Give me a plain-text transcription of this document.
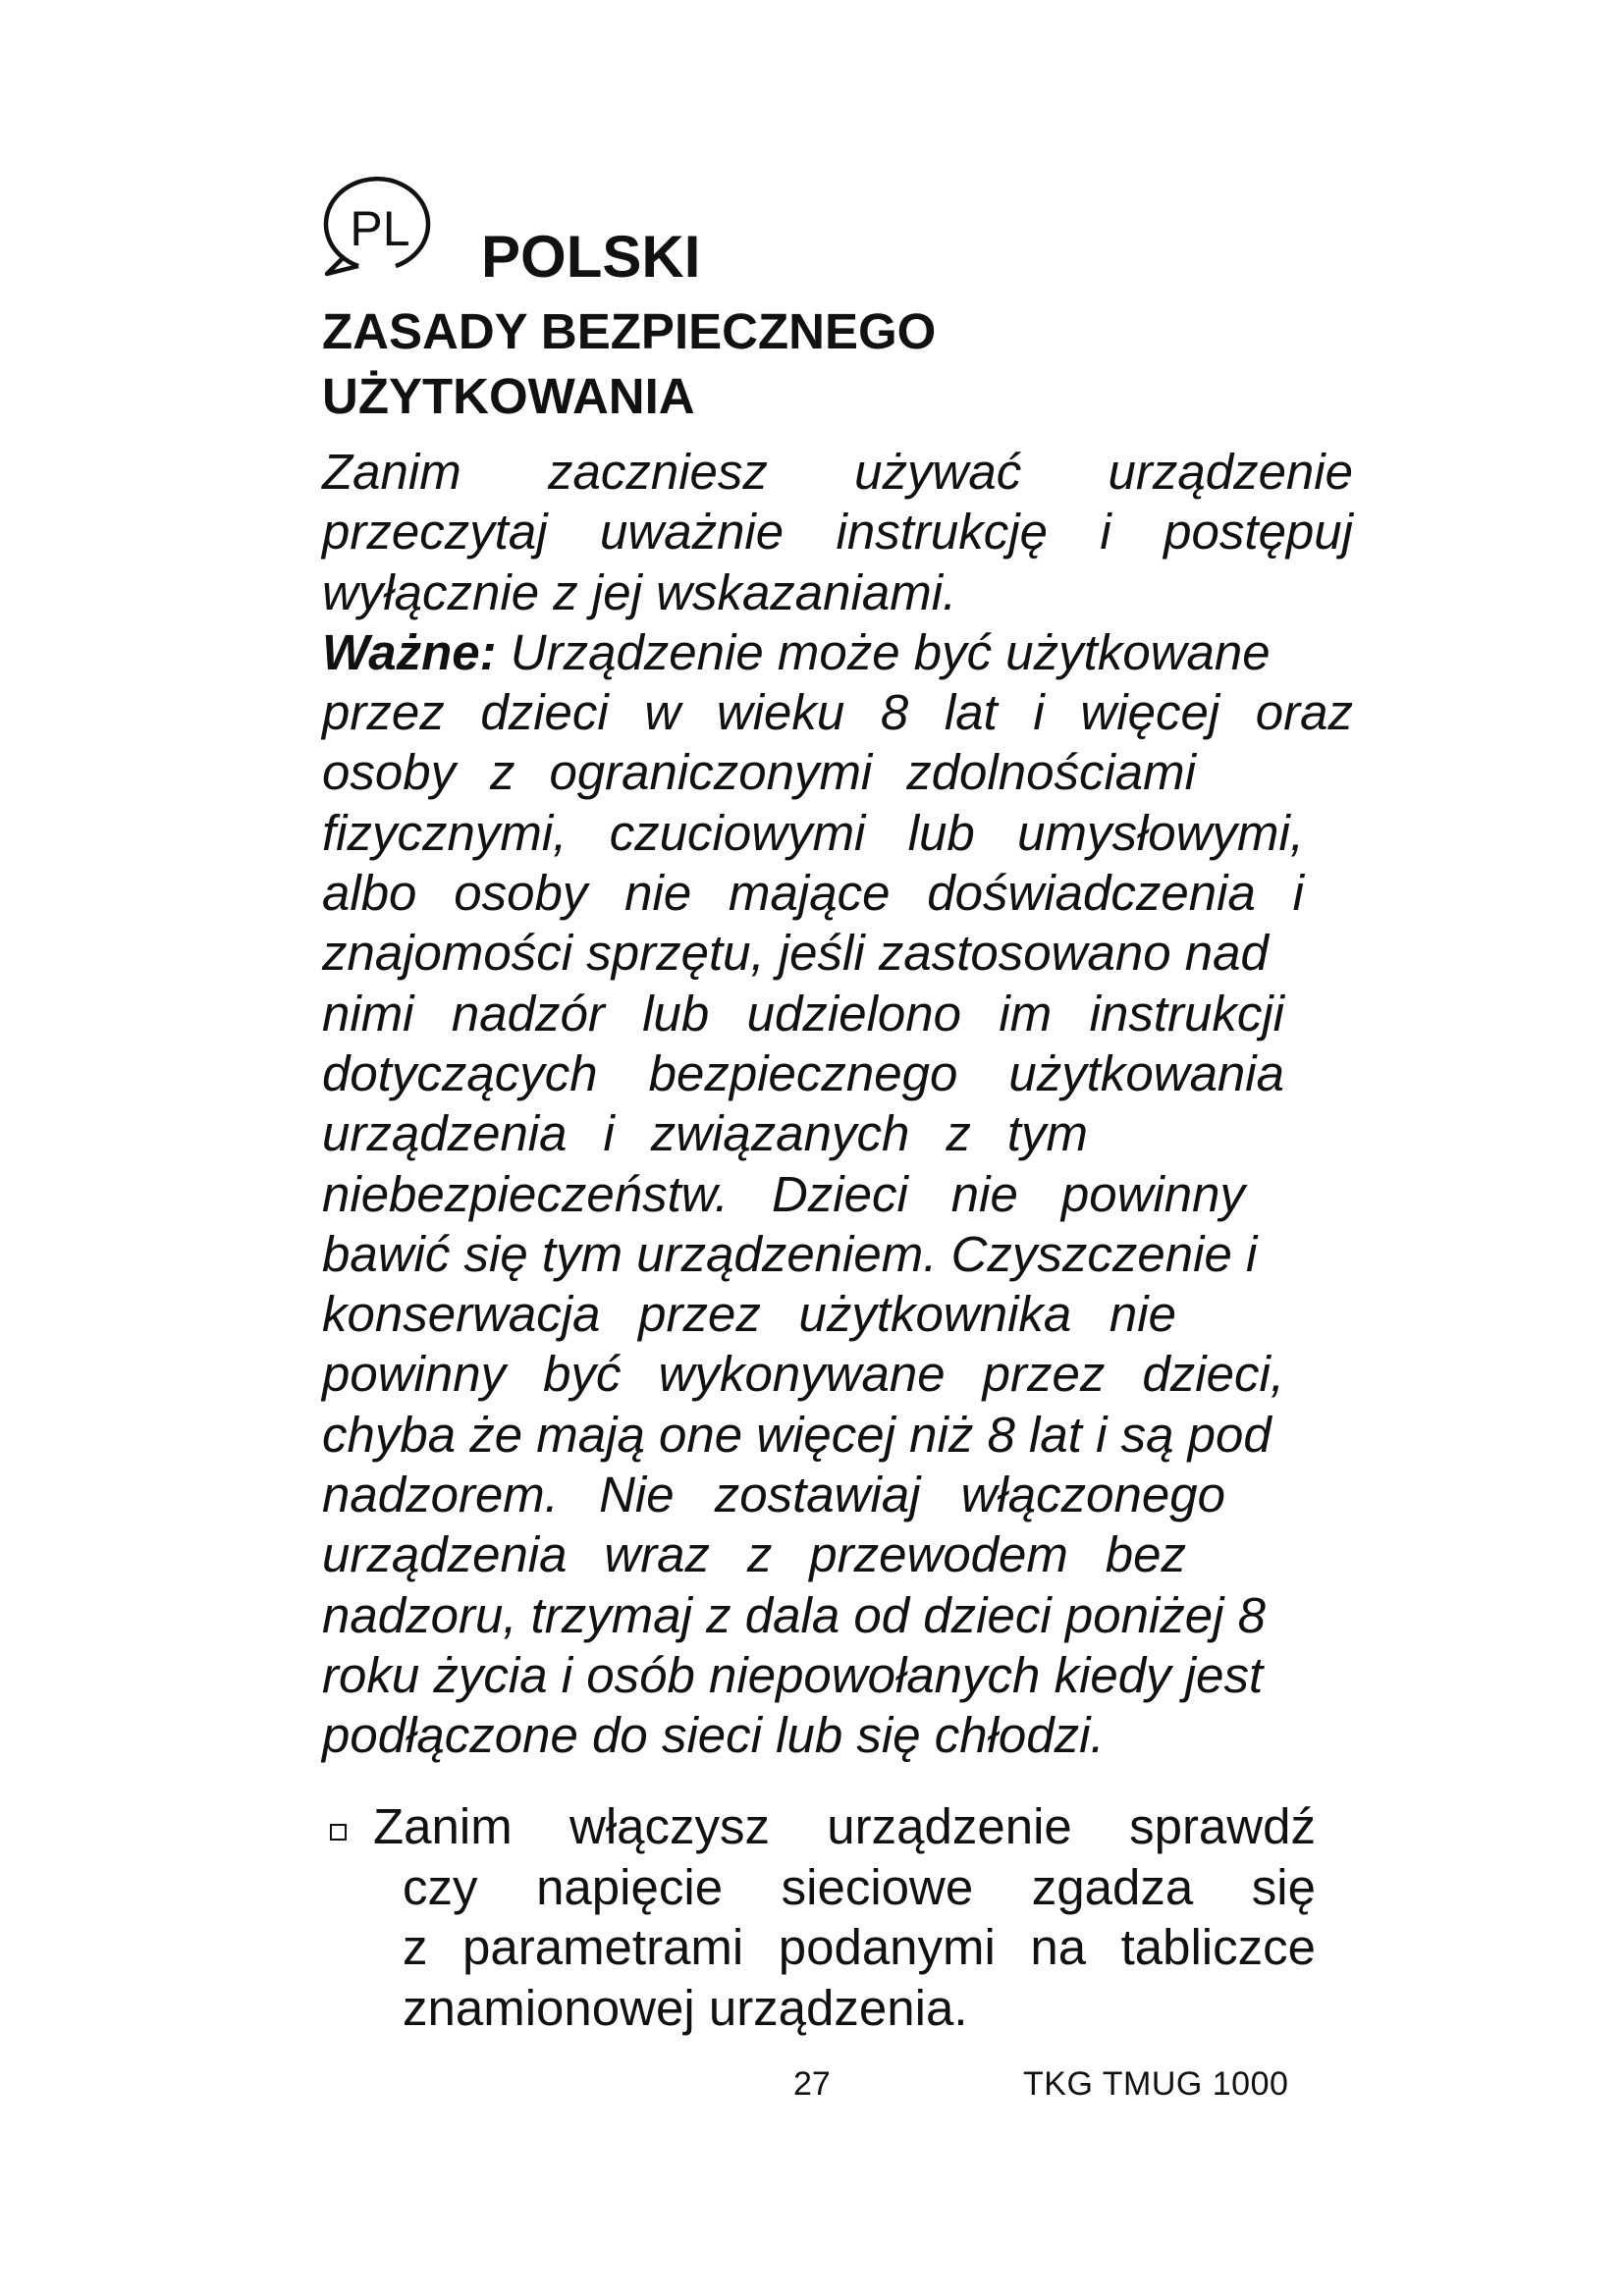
PL POLSKI
ZASADY BEZPIECZNEGO
UŻYTKOWANIA

Zanim zaczniesz używać urządzenie
przeczytaj uważnie instrukcję i postępuj
wyłącznie z jej wskazaniami.
Ważne: Urządzenie może być użytkowane
przez dzieci w wieku 8 lat i więcej oraz
osoby z ograniczonymi zdolnościami
fizycznymi, czuciowymi lub umysłowymi,
albo osoby nie mające doświadczenia i
znajomości sprzętu, jeśli zastosowano nad
nimi nadzór lub udzielono im instrukcji
dotyczących bezpiecznego użytkowania
urządzenia i związanych z tym
niebezpieczeństw. Dzieci nie powinny
bawić się tym urządzeniem. Czyszczenie i
konserwacja przez użytkownika nie
powinny być wykonywane przez dzieci,
chyba że mają one więcej niż 8 lat i są pod
nadzorem. Nie zostawiaj włączonego
urządzenia wraz z przewodem bez
nadzoru, trzymaj z dala od dzieci poniżej 8
roku życia i osób niepowołanych kiedy jest
podłączone do sieci lub się chłodzi.

Zanim włączysz urządzenie sprawdź
czy napięcie sieciowe zgadza się
z parametrami podanymi na tabliczce
znamionowej urządzenia.
27	TKG TMUG 1000
